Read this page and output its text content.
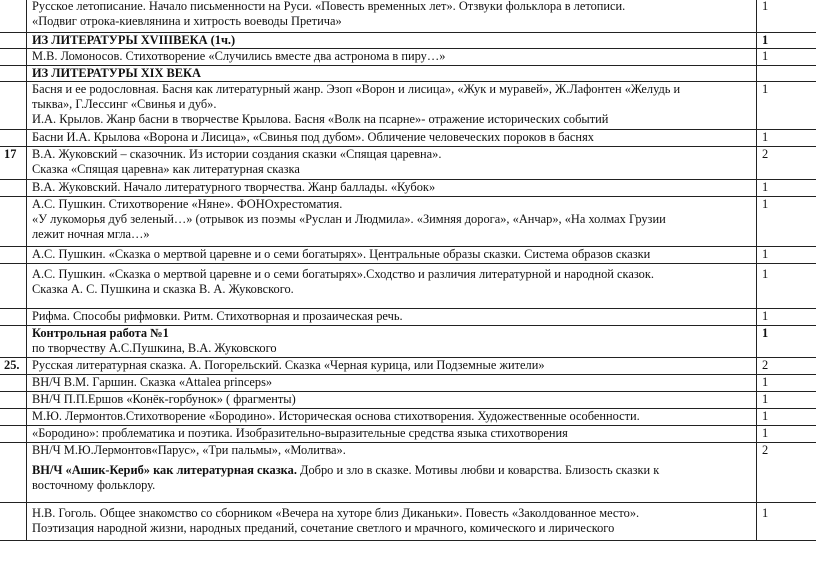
	Русское летописание. Начало письменности на Руси. «Повесть временных лет». Отзвуки фольклора в летописи.
«Подвиг отрока-киевлянина и хитрость воеводы Претича»	1
	ИЗ ЛИТЕРАТУРЫ XVIIIВЕКА (1ч.)	1
	М.В. Ломоносов. Стихотворение «Случились вместе два астронома в пиру…»	1
	ИЗ ЛИТЕРАТУРЫ XIX ВЕКА	

	Басня и ее родословная. Басня как литературный жанр. Эзоп «Ворон и лисица», «Жук и муравей», Ж.Лафонтен «Желудь и
тыква», Г.Лессинг «Свинья и дуб».
И.А. Крылов. Жанр басни в творчестве Крылова. Басня «Волк на псарне»- отражение исторических событий	1
	Басни И.А. Крылова «Ворона и Лисица», «Свинья под дубом». Обличение человеческих пороков в баснях	1
17	В.А. Жуковский – сказочник. Из истории создания сказки «Спящая царевна».
Сказка «Спящая царевна» как литературная сказка	2
	В.А. Жуковский. Начало литературного творчества. Жанр баллады. «Кубок»	1

	А.С. Пушкин. Стихотворение «Няне». ФОНОхрестоматия.
«У лукоморья дуб зеленый…» (отрывок из поэмы «Руслан и Людмила». «Зимняя дорога», «Анчар», «На холмах Грузии
лежит ночная мгла…»	1
	А.С. Пушкин. «Сказка о мертвой царевне и о семи богатырях». Центральные образы сказки. Система образов сказки	1

	А.С. Пушкин. «Сказка о мертвой царевне и о семи богатырях».Сходство и различия литературной и народной сказок.
Сказка А. С. Пушкина и сказка В. А. Жуковского.	1
	Рифма. Способы рифмовки. Ритм. Стихотворная и прозаическая речь.	1

	Контрольная работа №1
по творчеству А.С.Пушкина, В.А. Жуковского	1
25.	Русская литературная сказка. А. Погорельский. Сказка «Черная курица, или Подземные жители»	2
	ВН/Ч В.М. Гаршин. Сказка «Attalea princeps»	1
	ВН/Ч П.П.Ершов «Конёк-горбунок» ( фрагменты)	1
	М.Ю. Лермонтов.Стихотворение «Бородино». Историческая основа стихотворения. Художественные особенности.	1
	«Бородино»: проблематика и поэтика. Изобразительно-выразительные средства языка стихотворения	1

	ВН/Ч М.Ю.Лермонтов«Парус», «Три пальмы», «Молитва».
ВН/Ч «Ашик-Кериб» как литературная сказка. Добро и зло в сказке. Мотивы любви и коварства. Близость сказки к
восточному фольклору.	2

	Н.В. Гоголь. Общее знакомство со сборником «Вечера на хуторе близ Диканьки». Повесть «Заколдованное место».
Поэтизация народной жизни, народных преданий, сочетание светлого и мрачного, комического и лирического	1
